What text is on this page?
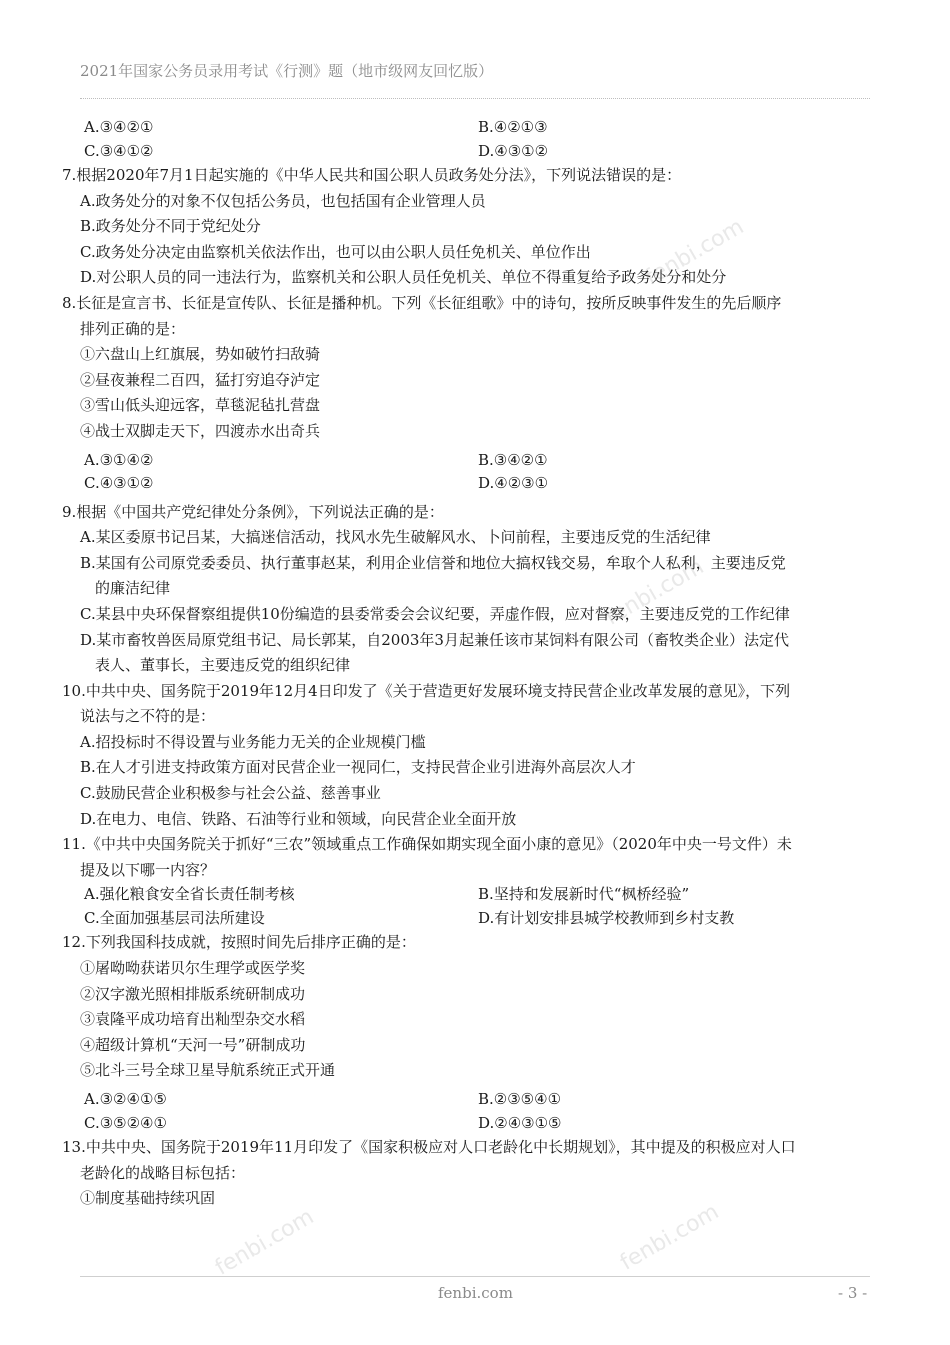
2021年国家公务员录用考试《行测》题（地市级网友回忆版）
fenbi.com
fenbi.com
fenbi.com	fenbi.com
A.③④②①	B.④②①③
C.③④①②	D.④③①②
7.根据2020年7月1日起实施的《中华人民共和国公职人员政务处分法》，下列说法错误的是：
A.政务处分的对象不仅包括公务员，也包括国有企业管理人员
B.政务处分不同于党纪处分
C.政务处分决定由监察机关依法作出，也可以由公职人员任免机关、单位作出
D.对公职人员的同一违法行为，监察机关和公职人员任免机关、单位不得重复给予政务处分和处分
8.长征是宣言书、长征是宣传队、长征是播种机。下列《长征组歌》中的诗句，按所反映事件发生的先后顺序
排列正确的是：
①六盘山上红旗展，势如破竹扫敌骑
②昼夜兼程二百四，猛打穷追夺泸定
③雪山低头迎远客，草毯泥毡扎营盘
④战士双脚走天下，四渡赤水出奇兵
A.③①④②	B.③④②①
C.④③①②	D.④②③①
9.根据《中国共产党纪律处分条例》，下列说法正确的是：
A.某区委原书记吕某，大搞迷信活动，找风水先生破解风水、卜问前程，主要违反党的生活纪律
B.某国有公司原党委委员、执行董事赵某，利用企业信誉和地位大搞权钱交易，牟取个人私利，主要违反党
的廉洁纪律
C.某县中央环保督察组提供10份编造的县委常委会会议纪要，弄虚作假，应对督察，主要违反党的工作纪律
D.某市畜牧兽医局原党组书记、局长郭某，自2003年3月起兼任该市某饲料有限公司（畜牧类企业）法定代
表人、董事长，主要违反党的组织纪律
10.中共中央、国务院于2019年12月4日印发了《关于营造更好发展环境支持民营企业改革发展的意见》，下列
说法与之不符的是：
A.招投标时不得设置与业务能力无关的企业规模门槛
B.在人才引进支持政策方面对民营企业一视同仁，支持民营企业引进海外高层次人才
C.鼓励民营企业积极参与社会公益、慈善事业
D.在电力、电信、铁路、石油等行业和领域，向民营企业全面开放
11.《中共中央国务院关于抓好“三农”领域重点工作确保如期实现全面小康的意见》（2020年中央一号文件）未
提及以下哪一内容？
A.强化粮食安全省长责任制考核	B.坚持和发展新时代“枫桥经验”
C.全面加强基层司法所建设	D.有计划安排县城学校教师到乡村支教
12.下列我国科技成就，按照时间先后排序正确的是：
①屠呦呦获诺贝尔生理学或医学奖
②汉字激光照相排版系统研制成功
③袁隆平成功培育出籼型杂交水稻
④超级计算机“天河一号”研制成功
⑤北斗三号全球卫星导航系统正式开通
A.③②④①⑤	B.②③⑤④①
C.③⑤②④①	D.②④③①⑤
13.中共中央、国务院于2019年11月印发了《国家积极应对人口老龄化中长期规划》，其中提及的积极应对人口
老龄化的战略目标包括：
①制度基础持续巩固
fenbi.com	- 3 -
